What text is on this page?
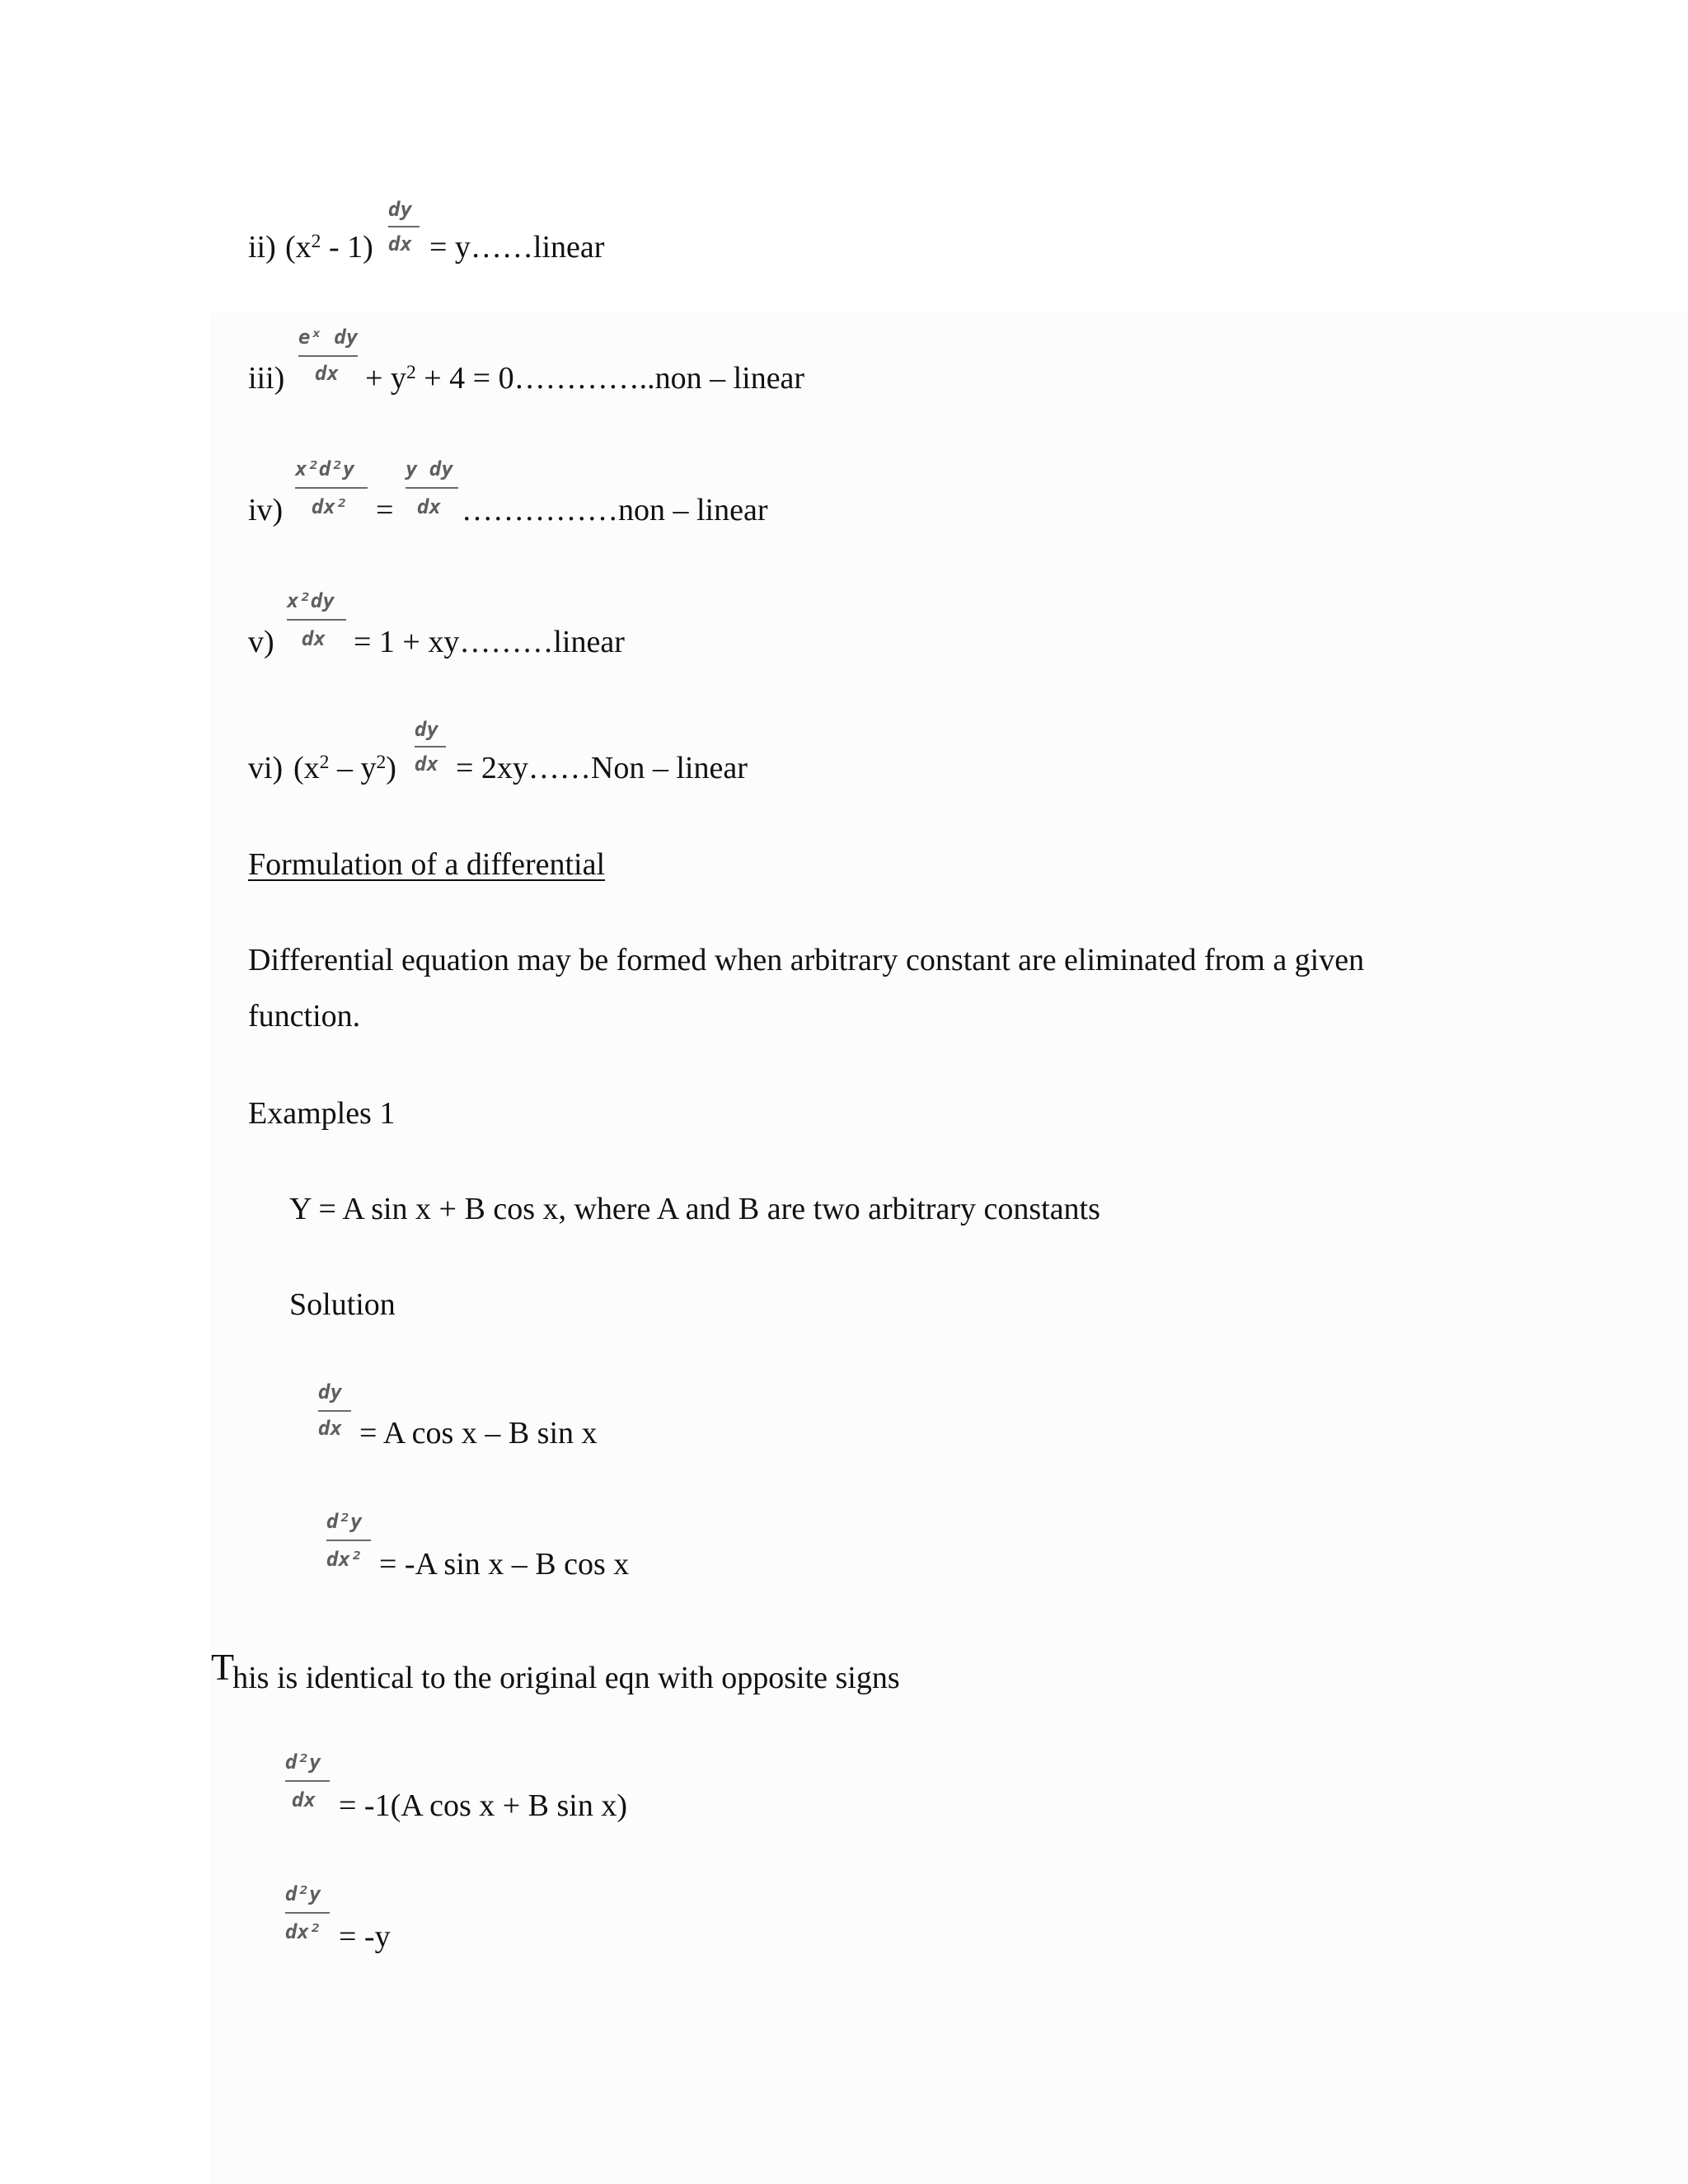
ii) $(x^2 - 1)$
dy
dx = y……linear
iii)
eˣ dy
dx + $y^2 + 4$ = 0…………..non – linear
iv)
x²d²y
dx² =
y dy
dx ……………non – linear
v)
x²dy
dx = 1 + xy………linear
vi) $(x^2 - y^2)$
dy
dx = 2xy……Non – linear
Formulation of a differential
Differential equation may be formed when arbitrary constant are eliminated from a given
function.
Examples 1
Y = A sin x + B cos x, where A and B are two arbitrary constants
Solution
dy
dx = A cos x – B sin x
d²y
dx² = -A sin x – B cos x
This is identical to the original eqn with opposite signs
d²y
dx = -1(A cos x + B sin x)
d²y
dx² = -y
